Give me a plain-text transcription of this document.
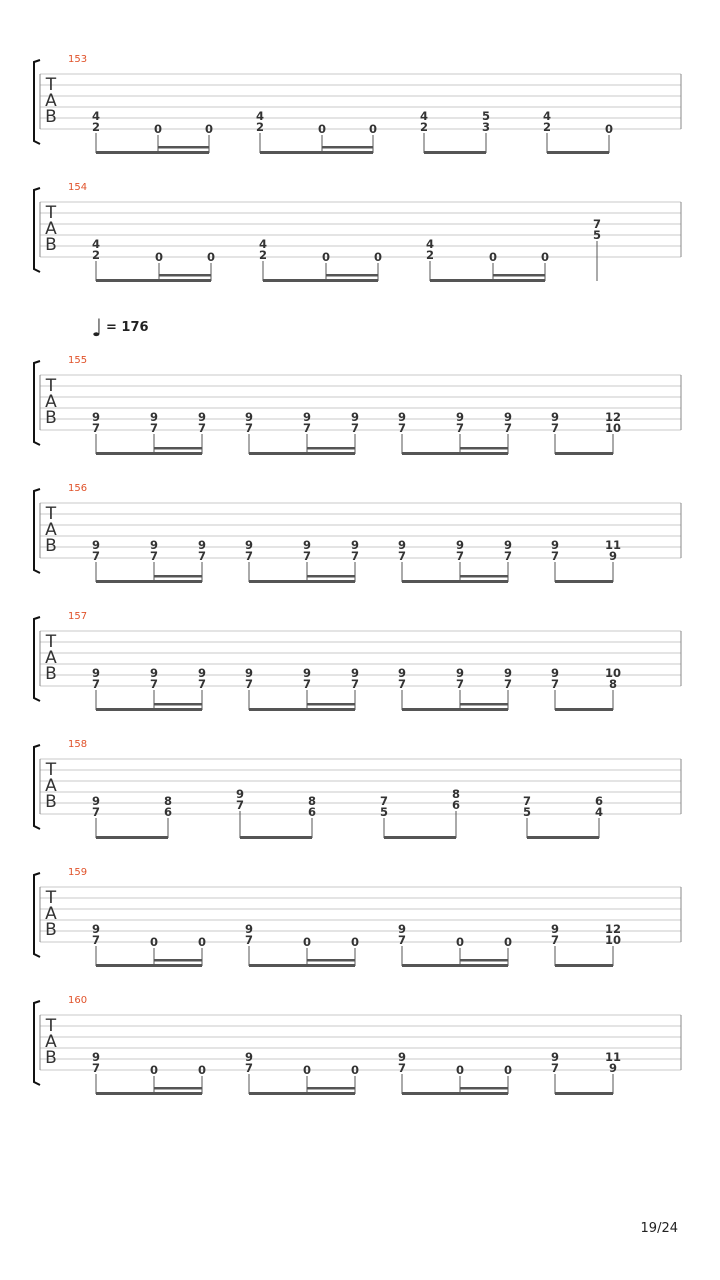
♩ = 176
153
T
A
B	4
2	0	0
4
2	0	0
4
2
5
3
4
2	0
154
T
A
B	4
2	0	0
4
2	0	0
4
2	0	0
7
5
155
T
A
B	9
7
9
7
9
7
9
7
9
7
9
7
9
7
9
7
9
7
9
7
12
10
156
T
A
B	9
7
9
7
9
7
9
7
9
7
9
7
9
7
9
7
9
7
9
7
11
9
157
T
A
B	9
7
9
7
9
7
9
7
9
7
9
7
9
7
9
7
9
7
9
7
10
8
158
T
A
B	9
7
8
6
9
7	8
6
7
5
8
6	7
5
6
4
159
T
A
B	9
7	0	0
9
7	0	0
9
7	0	0
9
7
12
10
160
T
A
B	9
7	0	0
9
7	0	0
9
7	0	0
9
7
11
9
19/24
